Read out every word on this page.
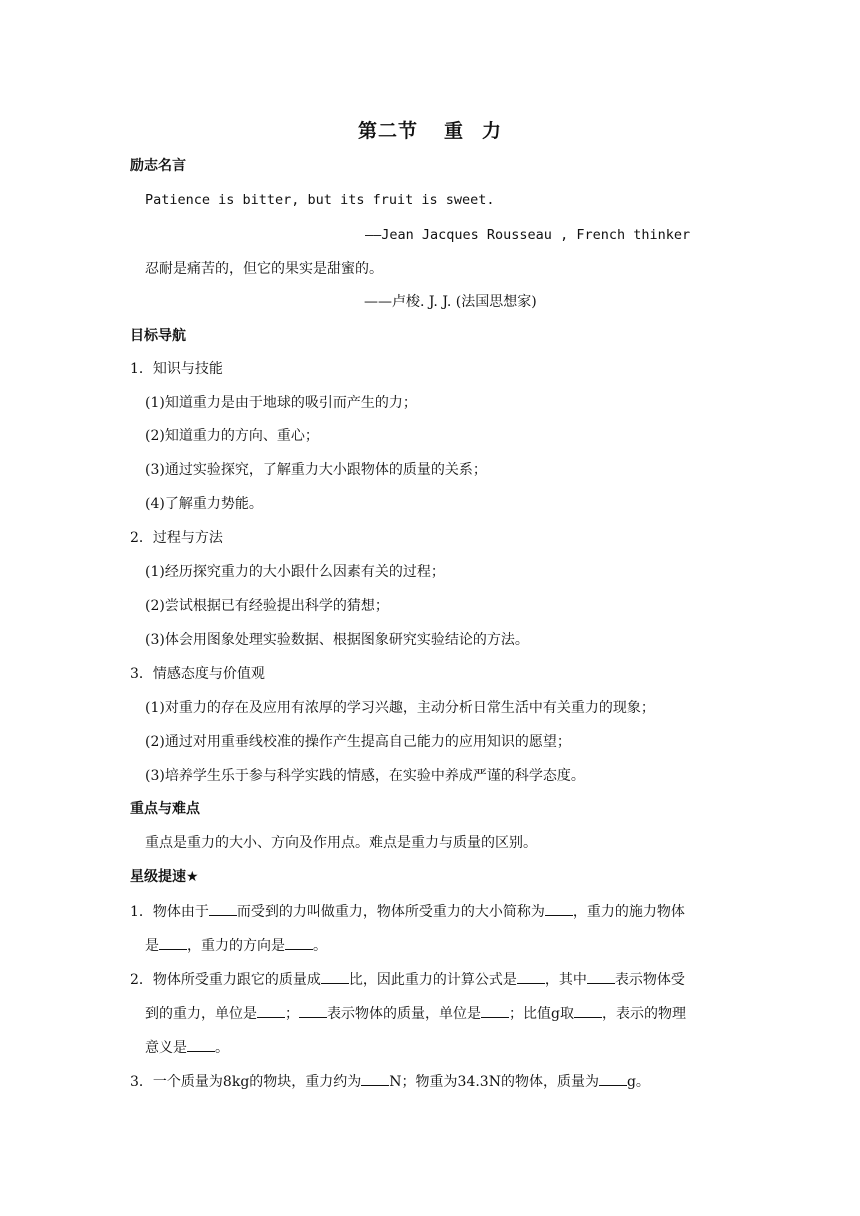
第二节 重 力
励志名言
Patience is bitter, but its fruit is sweet.
——Jean Jacques Rousseau , French thinker
忍耐是痛苦的，但它的果实是甜蜜的。
——卢梭. J. J. (法国思想家)
目标导航
1．知识与技能
(1)知道重力是由于地球的吸引而产生的力；
(2)知道重力的方向、重心；
(3)通过实验探究，了解重力大小跟物体的质量的关系；
(4)了解重力势能。
2．过程与方法
(1)经历探究重力的大小跟什么因素有关的过程；
(2)尝试根据已有经验提出科学的猜想；
(3)体会用图象处理实验数据、根据图象研究实验结论的方法。
3．情感态度与价值观
(1)对重力的存在及应用有浓厚的学习兴趣，主动分析日常生活中有关重力的现象；
(2)通过对用重垂线校准的操作产生提高自己能力的应用知识的愿望；
(3)培养学生乐于参与科学实践的情感，在实验中养成严谨的科学态度。
重点与难点
重点是重力的大小、方向及作用点。难点是重力与质量的区别。
星级提速★
1．物体由于 而受到的力叫做重力，物体所受重力的大小简称为 ，重力的施力物体
是 ，重力的方向是 。
2．物体所受重力跟它的质量成 比，因此重力的计算公式是 ，其中 表示物体受
到的重力，单位是 ； 表示物体的质量，单位是 ；比值g取 ，表示的物理
意义是 。
3．一个质量为8kg的物块，重力约为 N；物重为34.3N的物体，质量为 g。
